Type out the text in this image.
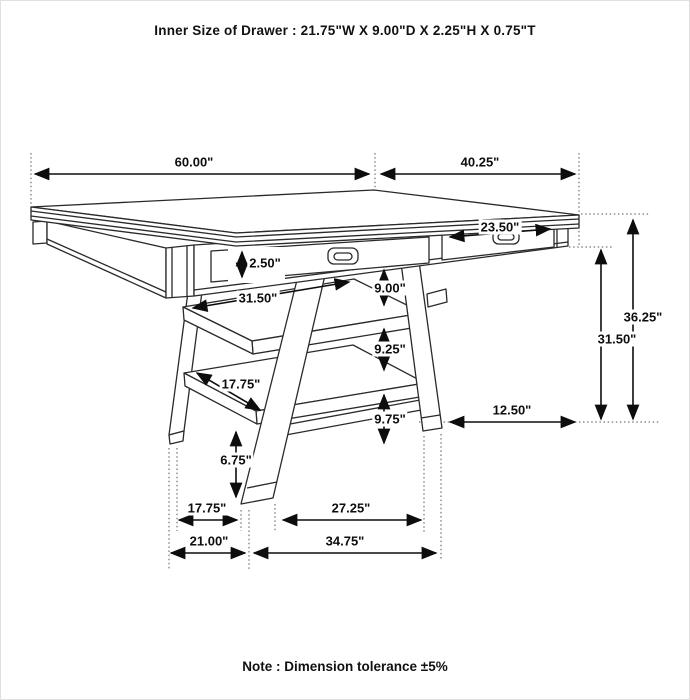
Inner Size of Drawer : 21.75"W X 9.00"D X 2.25"H X 0.75"T
60.00"	40.25"
23.50"
2.50"
31.50"
17.75"
9.00"
9.25"
9.75"
6.75"
12.50"
36.25"
31.50"
17.75"
21.00"
27.25"
34.75"
Note : Dimension tolerance ±5%
